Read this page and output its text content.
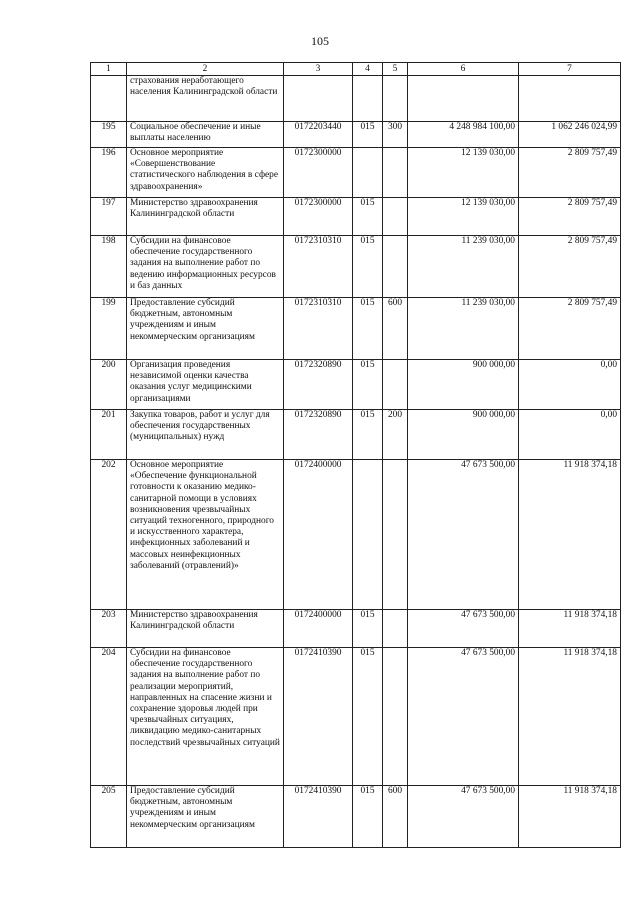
105
1	2	3	4	5	6	7
	страхования неработающего населения Калининградской области					
195	Социальное обеспечение и иные выплаты населению	0172203440	015	300	4 248 984 100,00	1 062 246 024,99
196	Основное мероприятие «Совершенствование статистического наблюдения в сфере здравоохранения»	0172300000			12 139 030,00	2 809 757,49
197	Министерство здравоохранения Калининградской области	0172300000	015		12 139 030,00	2 809 757,49
198	Субсидии на финансовое обеспечение государственного задания на выполнение работ по ведению информационных ресурсов и баз данных	0172310310	015		11 239 030,00	2 809 757,49
199	Предоставление субсидий бюджетным, автономным учреждениям и иным некоммерческим организациям	0172310310	015	600	11 239 030,00	2 809 757,49
200	Организация проведения независимой оценки качества оказания услуг медицинскими организациями	0172320890	015		900 000,00	0,00
201	Закупка товаров, работ и услуг для обеспечения государственных (муниципальных) нужд	0172320890	015	200	900 000,00	0,00
202	Основное мероприятие «Обеспечение функциональной готовности к оказанию медико-санитарной помощи в условиях возникновения чрезвычайных ситуаций техногенного, природного и искусственного характера, инфекционных заболеваний и массовых неинфекционных заболеваний (отравлений)»	0172400000			47 673 500,00	11 918 374,18
203	Министерство здравоохранения Калининградской области	0172400000	015		47 673 500,00	11 918 374,18
204	Субсидии на финансовое обеспечение государственного задания на выполнение работ по реализации мероприятий, направленных на спасение жизни и сохранение здоровья людей при чрезвычайных ситуациях, ликвидацию медико-санитарных последствий чрезвычайных ситуаций	0172410390	015		47 673 500,00	11 918 374,18
205	Предоставление субсидий бюджетным, автономным учреждениям и иным некоммерческим организациям	0172410390	015	600	47 673 500,00	11 918 374,18
